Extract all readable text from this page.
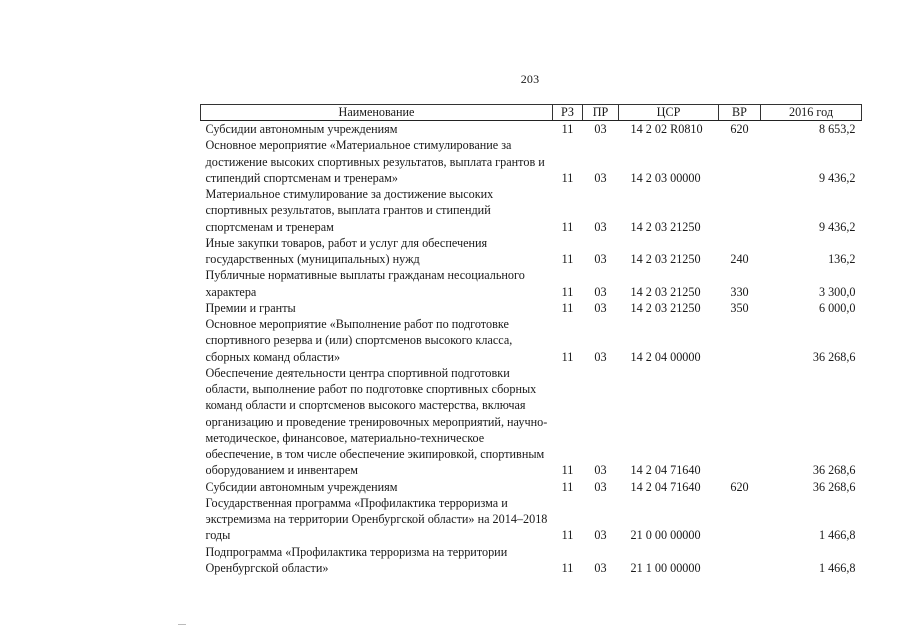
203
Наименование	РЗ	ПР	ЦСР	ВР	2016 год
Субсидии автономным учреждениям	11	03	14 2 02 R0810	620	8 653,2
Основное мероприятие «Материальное стимулирование за достижение высоких спортивных результатов, выплата грантов и стипендий спортсменам и тренерам»	11	03	14 2 03 00000		9 436,2
Материальное стимулирование за достижение высоких спортивных результатов, выплата грантов и стипендий спортсменам и тренерам	11	03	14 2 03 21250		9 436,2
Иные закупки товаров, работ и услуг для обеспечения государственных (муниципальных) нужд	11	03	14 2 03 21250	240	136,2
Публичные нормативные выплаты гражданам несоциального характера	11	03	14 2 03 21250	330	3 300,0
Премии и гранты	11	03	14 2 03 21250	350	6 000,0
Основное мероприятие «Выполнение работ по подготовке спортивного резерва и (или) спортсменов высокого класса, сборных команд области»	11	03	14 2 04 00000		36 268,6
Обеспечение деятельности центра спортивной подготовки области, выполнение работ по подготовке спортивных сборных команд области и спортсменов высокого мастерства, включая организацию и проведение тренировочных мероприятий, научно-методическое, финансовое, материально-техническое обеспечение, в том числе обеспечение экипировкой, спортивным оборудованием и инвентарем	11	03	14 2 04 71640		36 268,6
Субсидии автономным учреждениям	11	03	14 2 04 71640	620	36 268,6
Государственная программа «Профилактика терроризма и экстремизма на территории Оренбургской области» на 2014–2018 годы	11	03	21 0 00 00000		1 466,8
Подпрограмма «Профилактика терроризма на территории Оренбургской области»	11	03	21 1 00 00000		1 466,8
